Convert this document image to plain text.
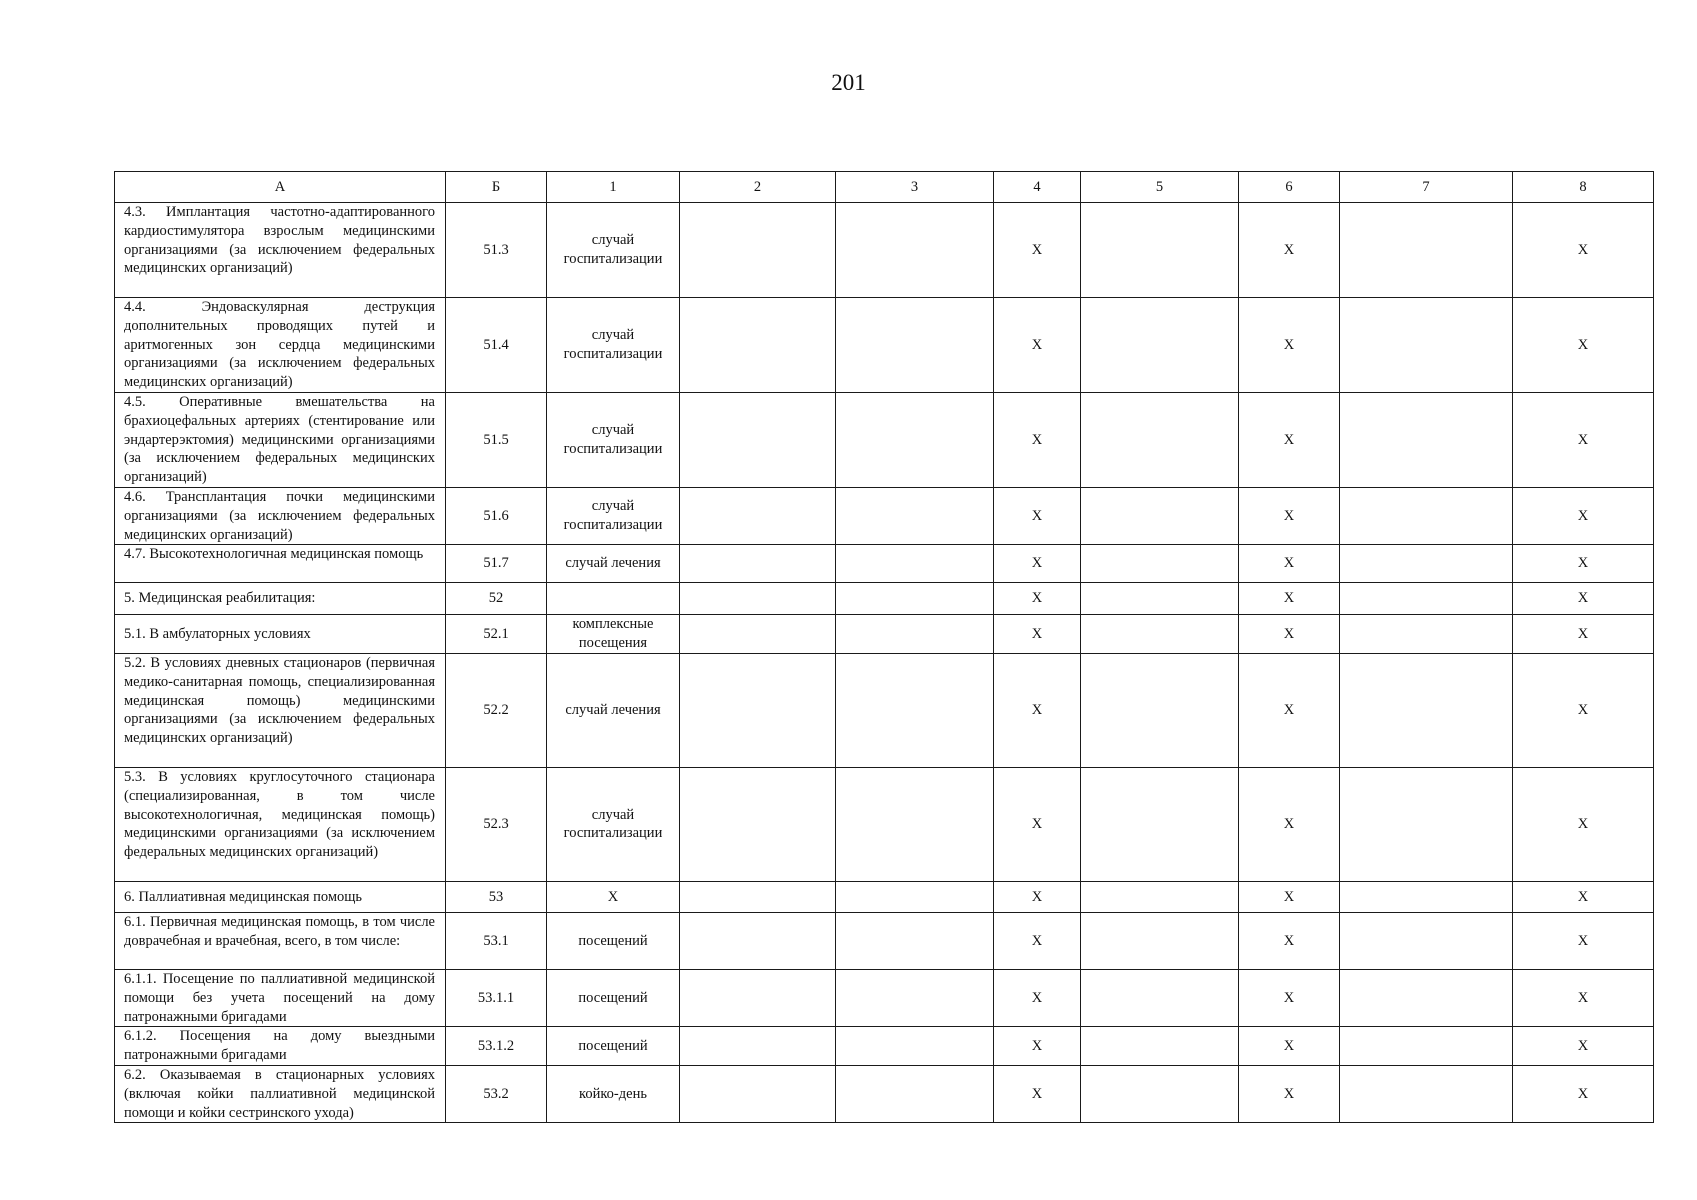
201
А	Б	1	2	3	4	5	6	7	8
4.3. Имплантация частотно-адаптированного кардиостимулятора взрослым медицинскими организациями (за исключением федеральных медицинских организаций)	51.3	случай госпитализации			X		X		X
4.4. Эндоваскулярная деструкция дополнительных проводящих путей и аритмогенных зон сердца медицинскими организациями (за исключением федеральных медицинских организаций)	51.4	случай госпитализации			X		X		X
4.5. Оперативные вмешательства на брахиоцефальных артериях (стентирование или эндартерэктомия) медицинскими организациями (за исключением федеральных медицинских организаций)	51.5	случай госпитализации			X		X		X
4.6. Трансплантация почки медицинскими организациями (за исключением федеральных медицинских организаций)	51.6	случай госпитализации			X		X		X
4.7. Высокотехнологичная медицинская помощь	51.7	случай лечения			X		X		X
5. Медицинская реабилитация:	52				X		X		X
5.1. В амбулаторных условиях	52.1	комплексные посещения			X		X		X
5.2. В условиях дневных стационаров (первичная медико-санитарная помощь, специализированная медицинская помощь) медицинскими организациями (за исключением федеральных медицинских организаций)	52.2	случай лечения			X		X		X
5.3. В условиях круглосуточного стационара (специализированная, в том числе высокотехнологичная, медицинская помощь) медицинскими организациями (за исключением федеральных медицинских организаций)	52.3	случай госпитализации			X		X		X
6. Паллиативная медицинская помощь	53	X			X		X		X
6.1. Первичная медицинская помощь, в том числе доврачебная и врачебная, всего, в том числе:	53.1	посещений			X		X		X
6.1.1. Посещение по паллиативной медицинской помощи без учета посещений на дому патронажными бригадами	53.1.1	посещений			X		X		X
6.1.2. Посещения на дому выездными патронажными бригадами	53.1.2	посещений			X		X		X
6.2. Оказываемая в стационарных условиях (включая койки паллиативной медицинской помощи и койки сестринского ухода)	53.2	койко-день			X		X		X
